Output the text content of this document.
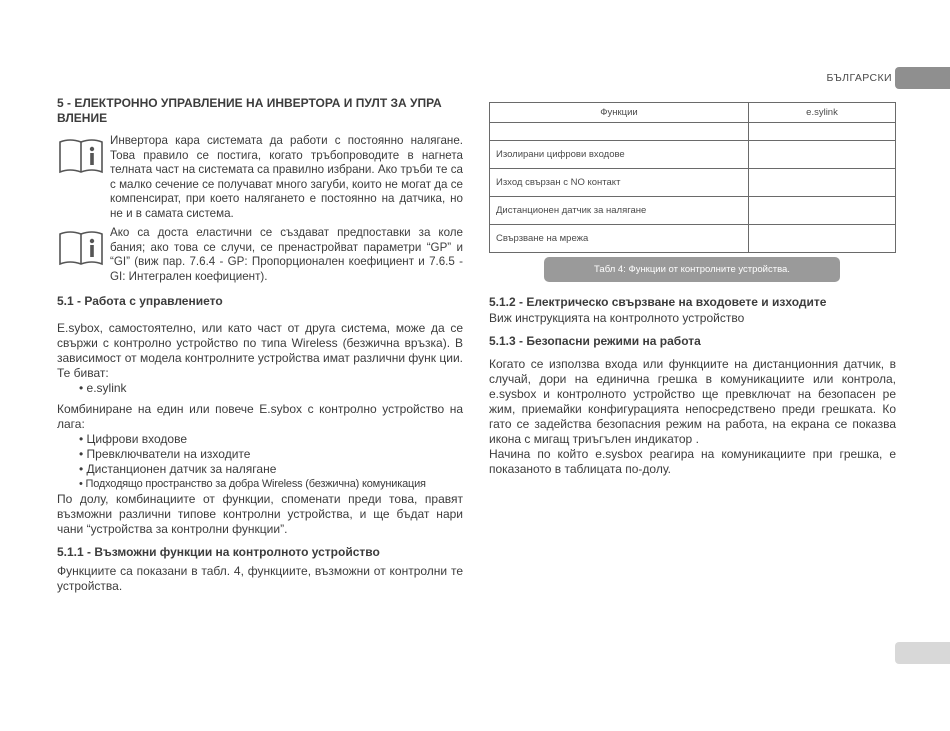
БЪЛГАРСКИ
5 - ЕЛЕКТРОННО УПРАВЛЕНИЕ НА ИНВЕРТОРА И ПУЛТ ЗА УПРА ВЛЕНИЕ
Инвертора кара системата да работи с постоянно налягане. Това правило се постига, когато тръбопроводите в нагнета телната част на системата са правилно избрани. Ако тръби те са с малко сечение се получават много загуби, които не могат да се компенсират, при което налягането е постоянно на датчика, но не и в самата система.
Ако са доста еластични се създават предпоставки за коле бания; ако това се случи, се пренастройват параметри “GP” и “GI” (виж пар. 7.6.4 - GP: Пропорционален коефициент и 7.6.5 - GI: Интегрален коефициент).
5.1 - Работа с управлението

E.sybox, самостоятелно, или като част от друга система, може да се свържи с контролно устройство по типа Wireless (безжична връзка). В зависимост от модела контролните устройства имат различни функ ции. Те биват:

• e.sylink

Комбиниране на един или повече E.sybox с контролно устройство на лага:

• Цифрови входове
• Превключватели на изходите
• Дистанционен датчик за налягане
• Подходящо пространство за добра Wireless (безжична) комуникация

По долу, комбинациите от функции, споменати преди това, правят възможни различни типове контролни устройства, и ще бъдат нари чани “устройства за контролни функции”.

5.1.1 - Възможни функции на контролното устройство

Функциите са показани в табл. 4, функциите, възможни от контролни те устройства.

Функции	e.sylink

Изолирани цифрови входове	
Изход свързан с NO контакт	
Дистанционен датчик за налягане	
Свързване на мрежа	
Табл 4: Функции от контролните устройства.
5.1.2 - Електрическо свързване на входовете и изходите

Виж инструкцията на контролното устройство

5.1.3 - Безопасни режими на работа

Когато се използва входа или функциите на дистанционния датчик, в случай, дори на единична грешка в комуникациите или контрола, e.sysbox и контролното устройство ще превключат на безопасен ре жим, приемайки конфигурацията непосредствено преди грешката. Ко гато се задейства безопасния режим на работа, на екрана се показва икона с мигащ триъгълен индикатор .

Начина по който e.sysbox реагира на комуникациите при грешка, е показаното в таблицата по-долу.
